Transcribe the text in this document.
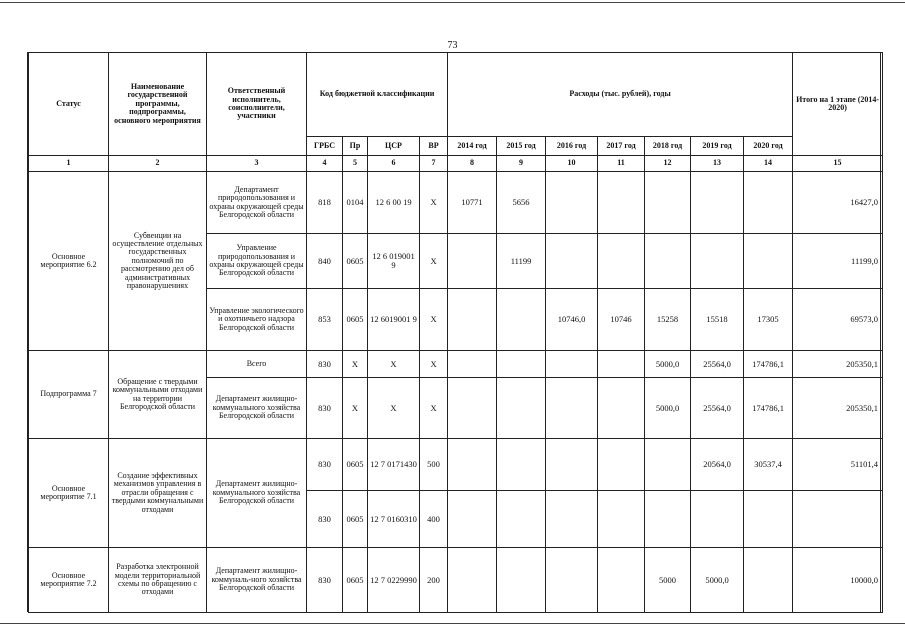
73
Статус	Наименование государственной программы, подпрограммы, основного мероприятия	Ответственный исполнитель, соисполнители, участники	Код бюджетной классификации				Расходы (тыс. рублей), годы							Итого на 1 этапе (2014-2020)
			ГРБС	Пр	ЦСР	ВР	2014 год	2015 год	2016 год	2017 год	2018 год	2019 год	2020 год	
1	2	3	4	5	6	7	8	9	10	11	12	13	14	15
Основное мероприятие 6.2	Субвенции на осуществление отдельных государственных полномочий по рассмотрению дел об административных правонарушениях	Департамент природопользования и охраны окружающей среды Белгородской области	818	0104	12 6 00 19	Х	10771	5656						16427,0
		Управление природопользования и охраны окружающей среды Белгородской области	840	0605	12 6 019001 9	Х		11199						11199,0
		Управление экологического и охотничьего надзора Белгородской области	853	0605	12 6019001 9	Х			10746,0	10746	15258	15518	17305	69573,0
Подпрограмма 7	Обращение с твердыми коммунальными отходами на территории Белгородской области	Всего	830	Х	Х	Х					5000,0	25564,0	174786,1	205350,1
		Департамент жилищно-коммунального хозяйства Белгородской области	830	Х	Х	Х					5000,0	25564,0	174786,1	205350,1
Основное мероприятие 7.1	Создание эффективных механизмов управления в отрасли обращения с твердыми коммунальными отходами	Департамент жилищно-коммунального хозяйства Белгородской области	830	0605	12 7 0171430	500						20564,0	30537,4	51101,4
			830	0605	12 7 0160310	400								
Основное мероприятие 7.2	Разработка электронной модели территориальной схемы по обращению с отходами	Департамент жилищно-коммуналь-ного хозяйства Белгородской области	830	0605	12 7 0229990	200					5000	5000,0		10000,0
